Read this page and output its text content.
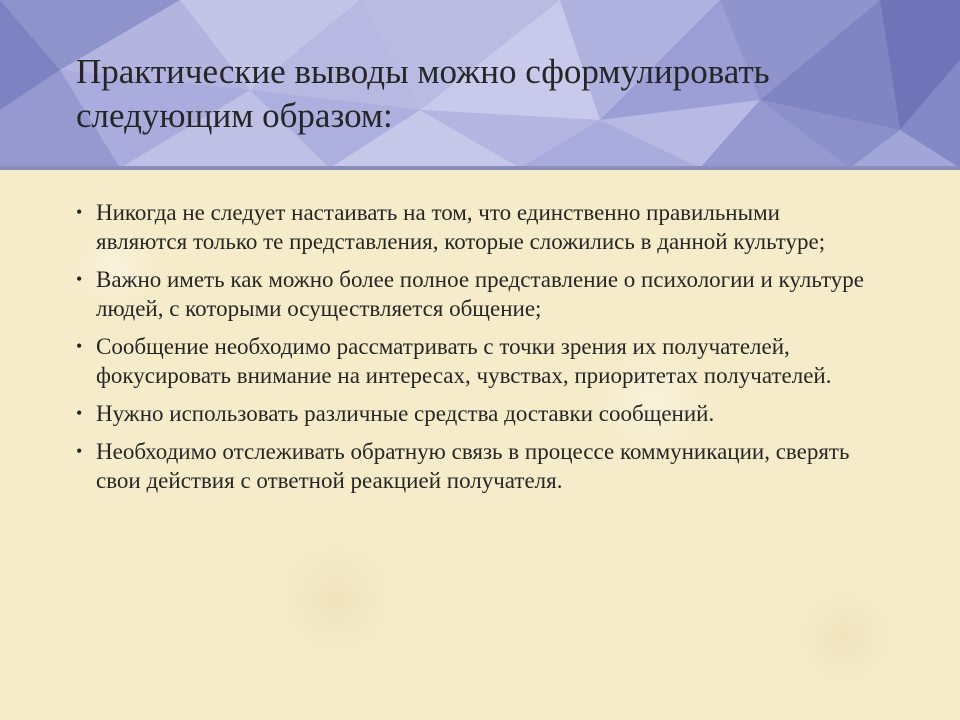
Практические выводы можно сформулировать следующим образом:
• Никогда не следует настаивать на том, что единственно правильными являются только те представления, которые сложились в данной культуре;
• Важно иметь как можно более полное представление о психологии и культуре людей, с которыми осуществляется общение;
• Сообщение необходимо рассматривать с точки зрения их получателей, фокусировать внимание на интересах, чувствах, приоритетах получателей.
• Нужно использовать различные средства доставки сообщений.
• Необходимо отслеживать обратную связь в процессе коммуникации, сверять свои действия с ответной реакцией получателя.
